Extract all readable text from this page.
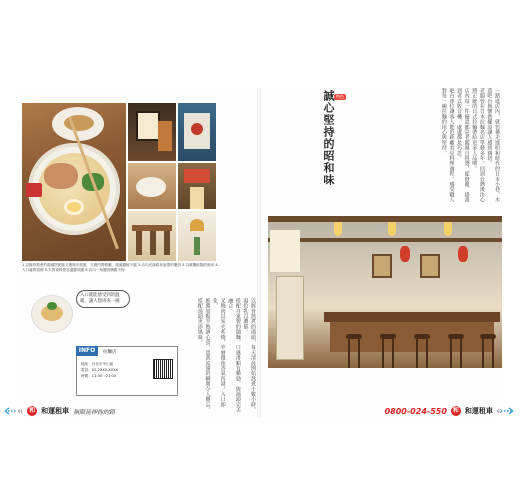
1.以豚骨熬煮的湯頭搭配豚叉燒與半熟蛋，叉燒肉質軟嫩，湯頭濃郁不膩 2.店內充滿昭和風情的擺設 3.以暖簾區隔的廚房 4.入口處的招牌 5.木質桌椅營造溫馨氛圍 6.店內一角擺放懷舊小物
入口就能感受到的溫暖，讓人想再來一碗	以豚骨熬煮的湯頭，每天清晨開始熬煮十數小時，湯色乳白濃郁。
搭配自家製的細麵，口感滑順有嚼勁，與湯頭完美融合。
叉燒肉以炭火炙燒，外層微焦香氣四溢，入口即化。
推薦加點半熟溏心蛋，蛋黃流淌的瞬間令人難忘，搭配湯頭更添風味。
INFO	拉麵店
地址：台北市中山區
電話：02-2XXX-XXXX
時間：11:30～21:00
一踏進店內，就彷彿走進昭和時代的日本小巷，木造吧台與懷舊擺設讓人感到親切。
老闆曾在日本拉麵名店學藝多年，回到台灣後決心將正統的日式拉麵帶給更多人品嚐。
店內每一件擺設都是老闆親自挑選，從燈籠、掛畫到老式收音機，處處都是巧思。
吧台座位讓客人能近距離看見料理過程，感受職人對每一碗拉麵的用心與堅持。
特色
誠心堅持的昭和味
91 和 和運租車 無限延伸你的路	0800-024-550 和 和運租車 92
